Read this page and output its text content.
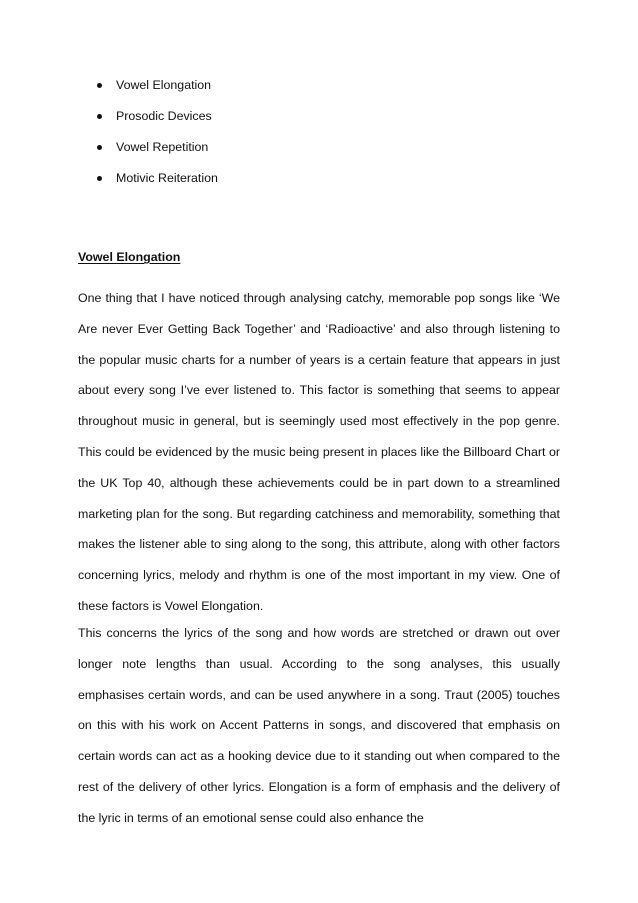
Vowel Elongation
Prosodic Devices
Vowel Repetition
Motivic Reiteration
Vowel Elongation

One thing that I have noticed through analysing catchy, memorable pop songs like ‘We Are never Ever Getting Back Together’ and ‘Radioactive’ and also through listening to the popular music charts for a number of years is a certain feature that appears in just about every song I’ve ever listened to. This factor is something that seems to appear throughout music in general, but is seemingly used most effectively in the pop genre. This could be evidenced by the music being present in places like the Billboard Chart or the UK Top 40, although these achievements could be in part down to a streamlined marketing plan for the song. But regarding catchiness and memorability, something that makes the listener able to sing along to the song, this attribute, along with other factors concerning lyrics, melody and rhythm is one of the most important in my view. One of these factors is Vowel Elongation.

This concerns the lyrics of the song and how words are stretched or drawn out over longer note lengths than usual. According to the song analyses, this usually emphasises certain words, and can be used anywhere in a song. Traut (2005) touches on this with his work on Accent Patterns in songs, and discovered that emphasis on certain words can act as a hooking device due to it standing out when compared to the rest of the delivery of other lyrics. Elongation is a form of emphasis and the delivery of the lyric in terms of an emotional sense could also enhance the
